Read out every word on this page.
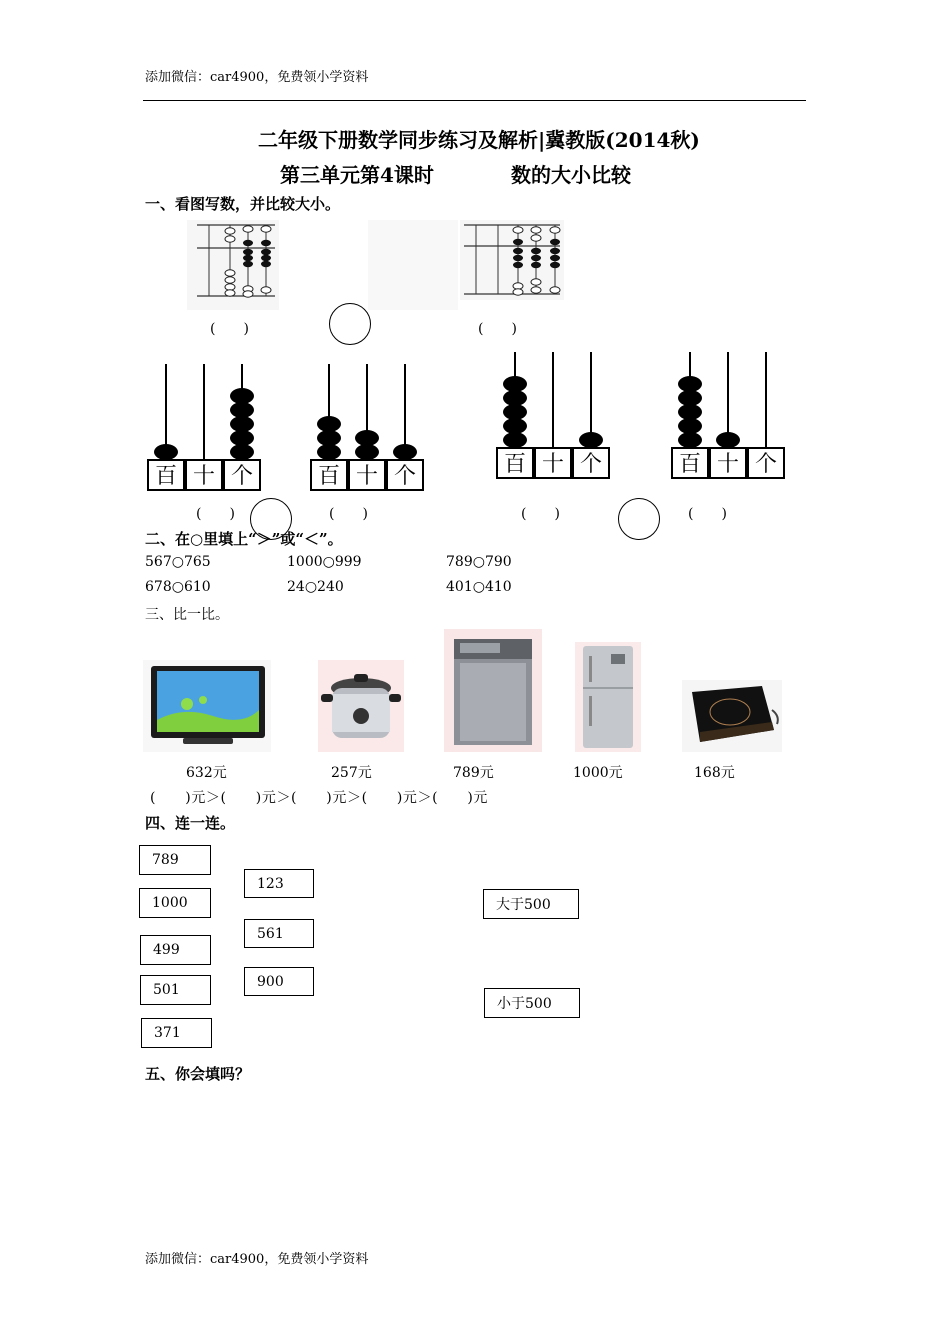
添加微信：car4900，免费领小学资料
二年级下册数学同步练习及解析|冀教版(2014秋)
第三单元第4课时	数的大小比较
一、看图写数，并比较大小。
(　　)	(　　)
百 十 个	百 十 个	百 十 个	百 十 个
(　　)	(　　)	(　　)	(　　)
二、在○里填上“＞”或“＜”。
567○765	1000○999	789○790
678○610	24○240	401○410
三、比一比。
632元	257元	789元	1000元	168元
(　　)元＞(　　)元＞(　　)元＞(　　)元＞(　　)元
四、连一连。
789
1000
499
501
371
123
561
900
大于500
小于500
五、你会填吗？
添加微信：car4900，免费领小学资料
